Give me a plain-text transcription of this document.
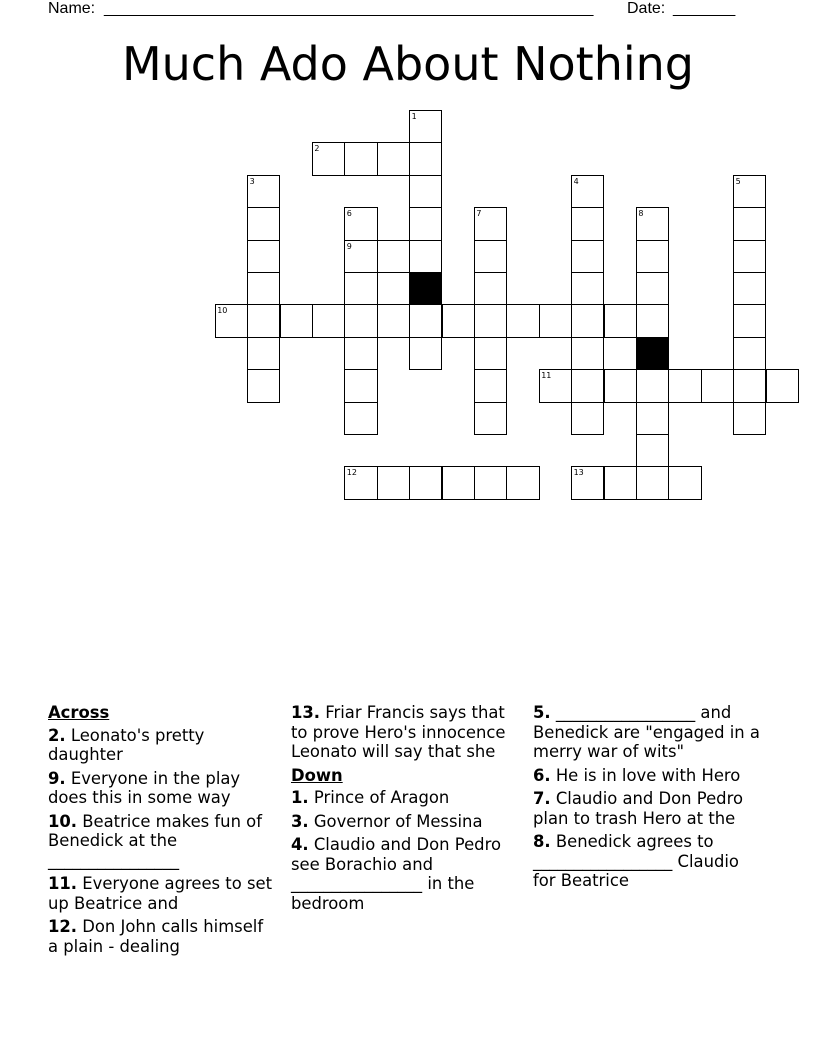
Name: _______________________________________________________ Date: _______
Much Ado About Nothing
1
2
3	4	5
6	7	8
9
10
11
12	13
Across
2. Leonato's pretty daughter
9. Everyone in the play does this in some way
10. Beatrice makes fun of Benedick at the
________________
11. Everyone agrees to set up Beatrice and
12. Don John calls himself a plain - dealing
13. Friar Francis says that to prove Hero's innocence Leonato will say that she
Down
1. Prince of Aragon
3. Governor of Messina
4. Claudio and Don Pedro see Borachio and ________________ in the bedroom
5. _________________ and Benedick are "engaged in a merry war of wits"
6. He is in love with Hero
7. Claudio and Don Pedro plan to trash Hero at the
8. Benedick agrees to _________________ Claudio for Beatrice
